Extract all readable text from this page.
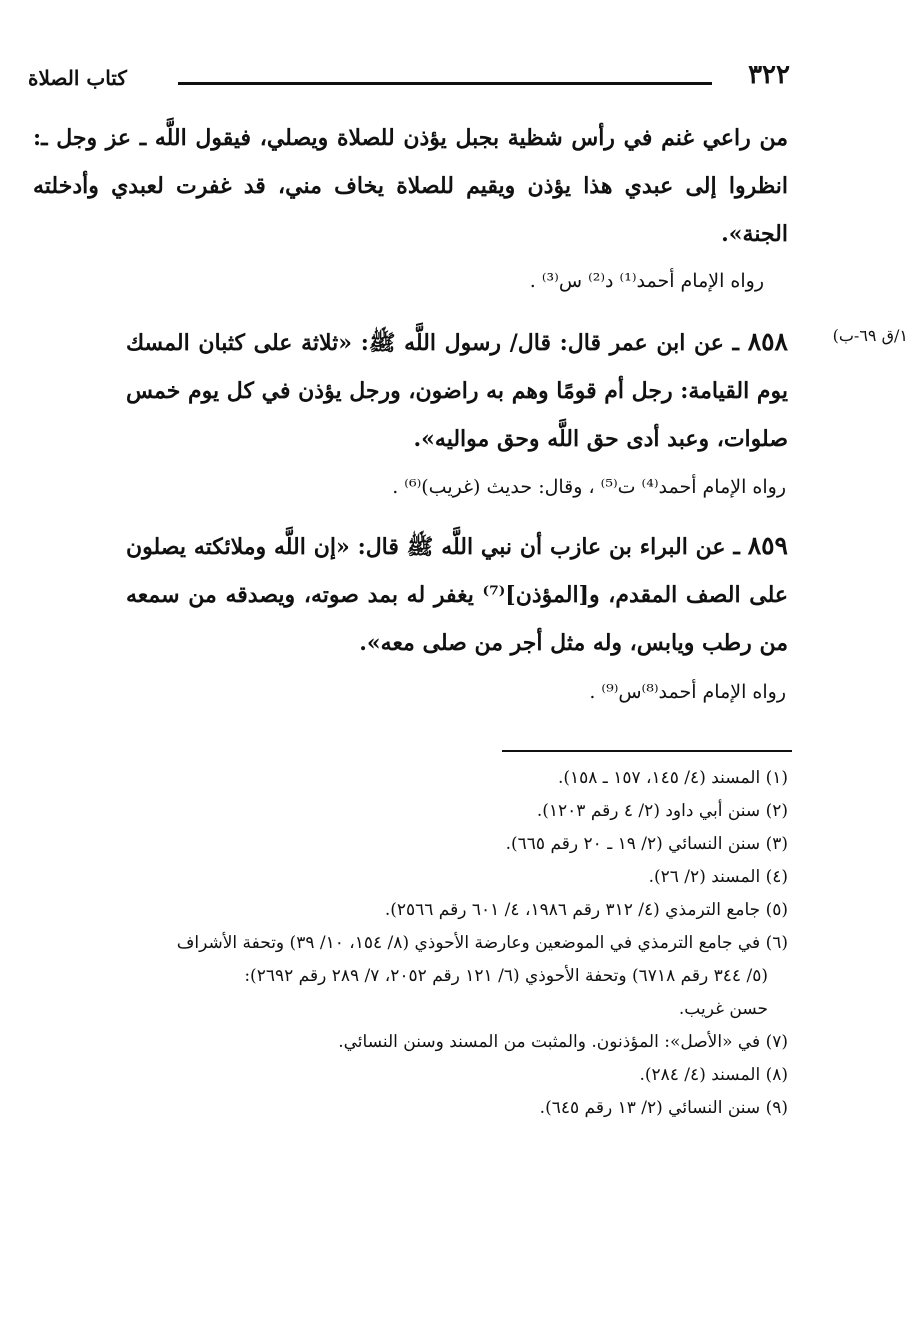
٣٢٢
كتاب الصلاة
من راعي غنم في رأس شظية بجبل يؤذن للصلاة ويصلي، فيقول اللَّه ـ عز وجل ـ: انظروا إلى عبدي هذا يؤذن ويقيم للصلاة يخاف مني، قد غفرت لعبدي وأدخلته الجنة».
رواه الإمام أحمد⁽¹⁾ د⁽²⁾ س⁽³⁾ .
١/ق ٦٩-ب)
٨٥٨ ـ عن ابن عمر قال: قال/ رسول اللَّه ﷺ: «ثلاثة على كثبان المسك يوم القيامة: رجل أم قومًا وهم به راضون، ورجل يؤذن في كل يوم خمس صلوات، وعبد أدى حق اللَّه وحق مواليه».
رواه الإمام أحمد⁽⁴⁾ ت⁽⁵⁾ ، وقال: حديث (غريب)⁽⁶⁾ .
٨٥٩ ـ عن البراء بن عازب أن نبي اللَّه ﷺ قال: «إن اللَّه وملائكته يصلون على الصف المقدم، و[المؤذن]⁽⁷⁾ يغفر له بمد صوته، ويصدقه من سمعه من رطب ويابس، وله مثل أجر من صلى معه».
رواه الإمام أحمد⁽⁸⁾س⁽⁹⁾ .

(١) المسند (٤/ ١٤٥، ١٥٧ ـ ١٥٨).

(٢) سنن أبي داود (٢/ ٤ رقم ١٢٠٣).

(٣) سنن النسائي (٢/ ١٩ ـ ٢٠ رقم ٦٦٥).

(٤) المسند (٢/ ٢٦).

(٥) جامع الترمذي (٤/ ٣١٢ رقم ١٩٨٦، ٤/ ٦٠١ رقم ٢٥٦٦).

(٦) في جامع الترمذي في الموضعين وعارضة الأحوذي (٨/ ١٥٤، ١٠/ ٣٩) وتحفة الأشراف

(٥/ ٣٤٤ رقم ٦٧١٨) وتحفة الأحوذي (٦/ ١٢١ رقم ٢٠٥٢، ٧/ ٢٨٩ رقم ٢٦٩٢):

حسن غريب.

(٧) في «الأصل»: المؤذنون. والمثبت من المسند وسنن النسائي.

(٨) المسند (٤/ ٢٨٤).

(٩) سنن النسائي (٢/ ١٣ رقم ٦٤٥).
